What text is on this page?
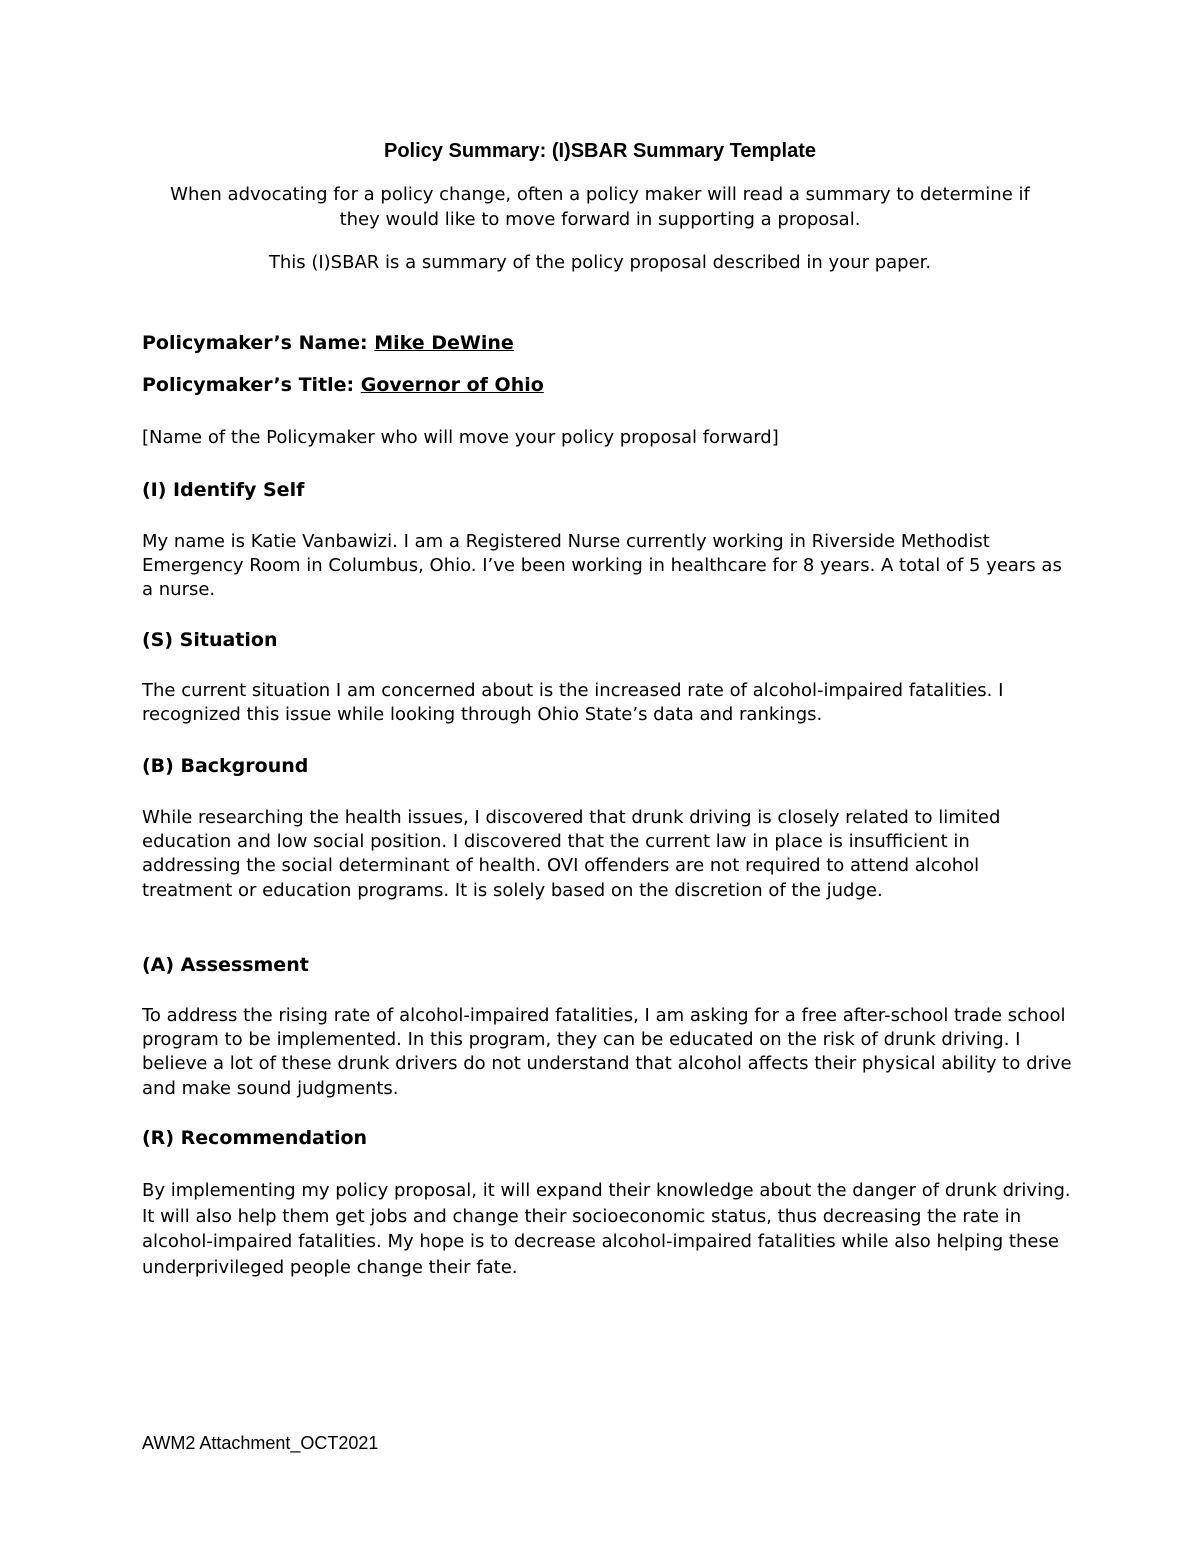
Policy Summary: (I)SBAR Summary Template

When advocating for a policy change, often a policy maker will read a summary to determine if they would like to move forward in supporting a proposal.

This (I)SBAR is a summary of the policy proposal described in your paper.

Policymaker’s Name: Mike DeWine

Policymaker’s Title: Governor of Ohio

[Name of the Policymaker who will move your policy proposal forward]

(I) Identify Self

My name is Katie Vanbawizi. I am a Registered Nurse currently working in Riverside Methodist Emergency Room in Columbus, Ohio. I’ve been working in healthcare for 8 years. A total of 5 years as a nurse.

(S) Situation

The current situation I am concerned about is the increased rate of alcohol-impaired fatalities. I recognized this issue while looking through Ohio State’s data and rankings.

(B) Background

While researching the health issues, I discovered that drunk driving is closely related to limited education and low social position. I discovered that the current law in place is insufficient in addressing the social determinant of health. OVI offenders are not required to attend alcohol treatment or education programs. It is solely based on the discretion of the judge.

(A) Assessment

To address the rising rate of alcohol-impaired fatalities, I am asking for a free after-school trade school program to be implemented. In this program, they can be educated on the risk of drunk driving. I believe a lot of these drunk drivers do not understand that alcohol affects their physical ability to drive and make sound judgments.

(R) Recommendation

By implementing my policy proposal, it will expand their knowledge about the danger of drunk driving. It will also help them get jobs and change their socioeconomic status, thus decreasing the rate in alcohol-impaired fatalities. My hope is to decrease alcohol-impaired fatalities while also helping these underprivileged people change their fate.

AWM2 Attachment_OCT2021
